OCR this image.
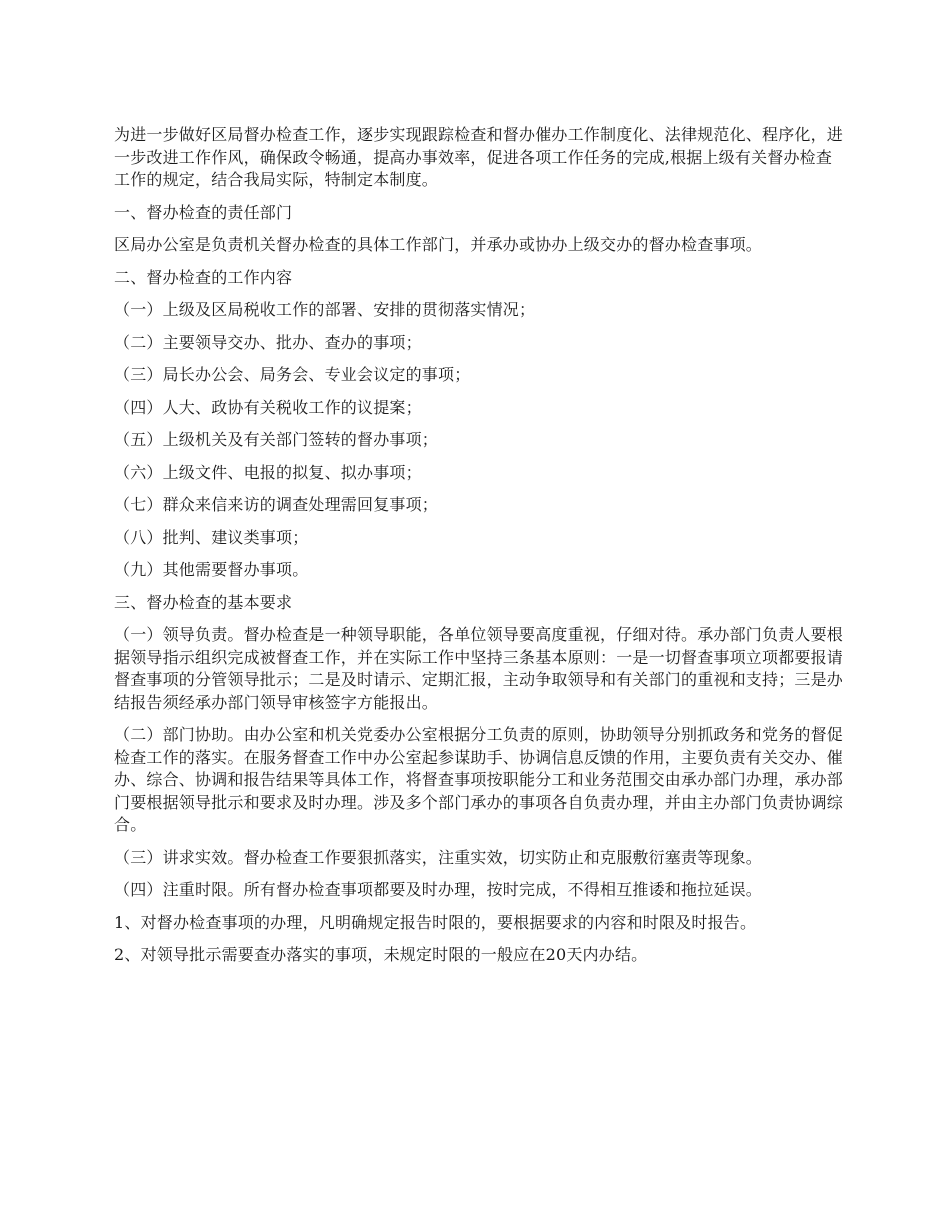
为进一步做好区局督办检查工作，逐步实现跟踪检查和督办催办工作制度化、法律规范化、程序化，进一步改进工作作风，确保政令畅通，提高办事效率，促进各项工作任务的完成,根据上级有关督办检查工作的规定，结合我局实际，特制定本制度。

一、督办检查的责任部门

区局办公室是负责机关督办检查的具体工作部门，并承办或协办上级交办的督办检查事项。

二、督办检查的工作内容

（一）上级及区局税收工作的部署、安排的贯彻落实情况；

（二）主要领导交办、批办、查办的事项；

（三）局长办公会、局务会、专业会议定的事项；

（四）人大、政协有关税收工作的议提案；

（五）上级机关及有关部门签转的督办事项；

（六）上级文件、电报的拟复、拟办事项；

（七）群众来信来访的调查处理需回复事项；

（八）批判、建议类事项；

（九）其他需要督办事项。

三、督办检查的基本要求

（一）领导负责。督办检查是一种领导职能，各单位领导要高度重视，仔细对待。承办部门负责人要根据领导指示组织完成被督查工作，并在实际工作中坚持三条基本原则：一是一切督查事项立项都要报请督查事项的分管领导批示；二是及时请示、定期汇报，主动争取领导和有关部门的重视和支持；三是办结报告须经承办部门领导审核签字方能报出。

（二）部门协助。由办公室和机关党委办公室根据分工负责的原则，协助领导分别抓政务和党务的督促检查工作的落实。在服务督查工作中办公室起参谋助手、协调信息反馈的作用，主要负责有关交办、催办、综合、协调和报告结果等具体工作，将督查事项按职能分工和业务范围交由承办部门办理，承办部门要根据领导批示和要求及时办理。涉及多个部门承办的事项各自负责办理，并由主办部门负责协调综合。

（三）讲求实效。督办检查工作要狠抓落实，注重实效，切实防止和克服敷衍塞责等现象。

（四）注重时限。所有督办检查事项都要及时办理，按时完成，不得相互推诿和拖拉延误。

1、对督办检查事项的办理，凡明确规定报告时限的，要根据要求的内容和时限及时报告。

2、对领导批示需要查办落实的事项，未规定时限的一般应在20天内办结。
